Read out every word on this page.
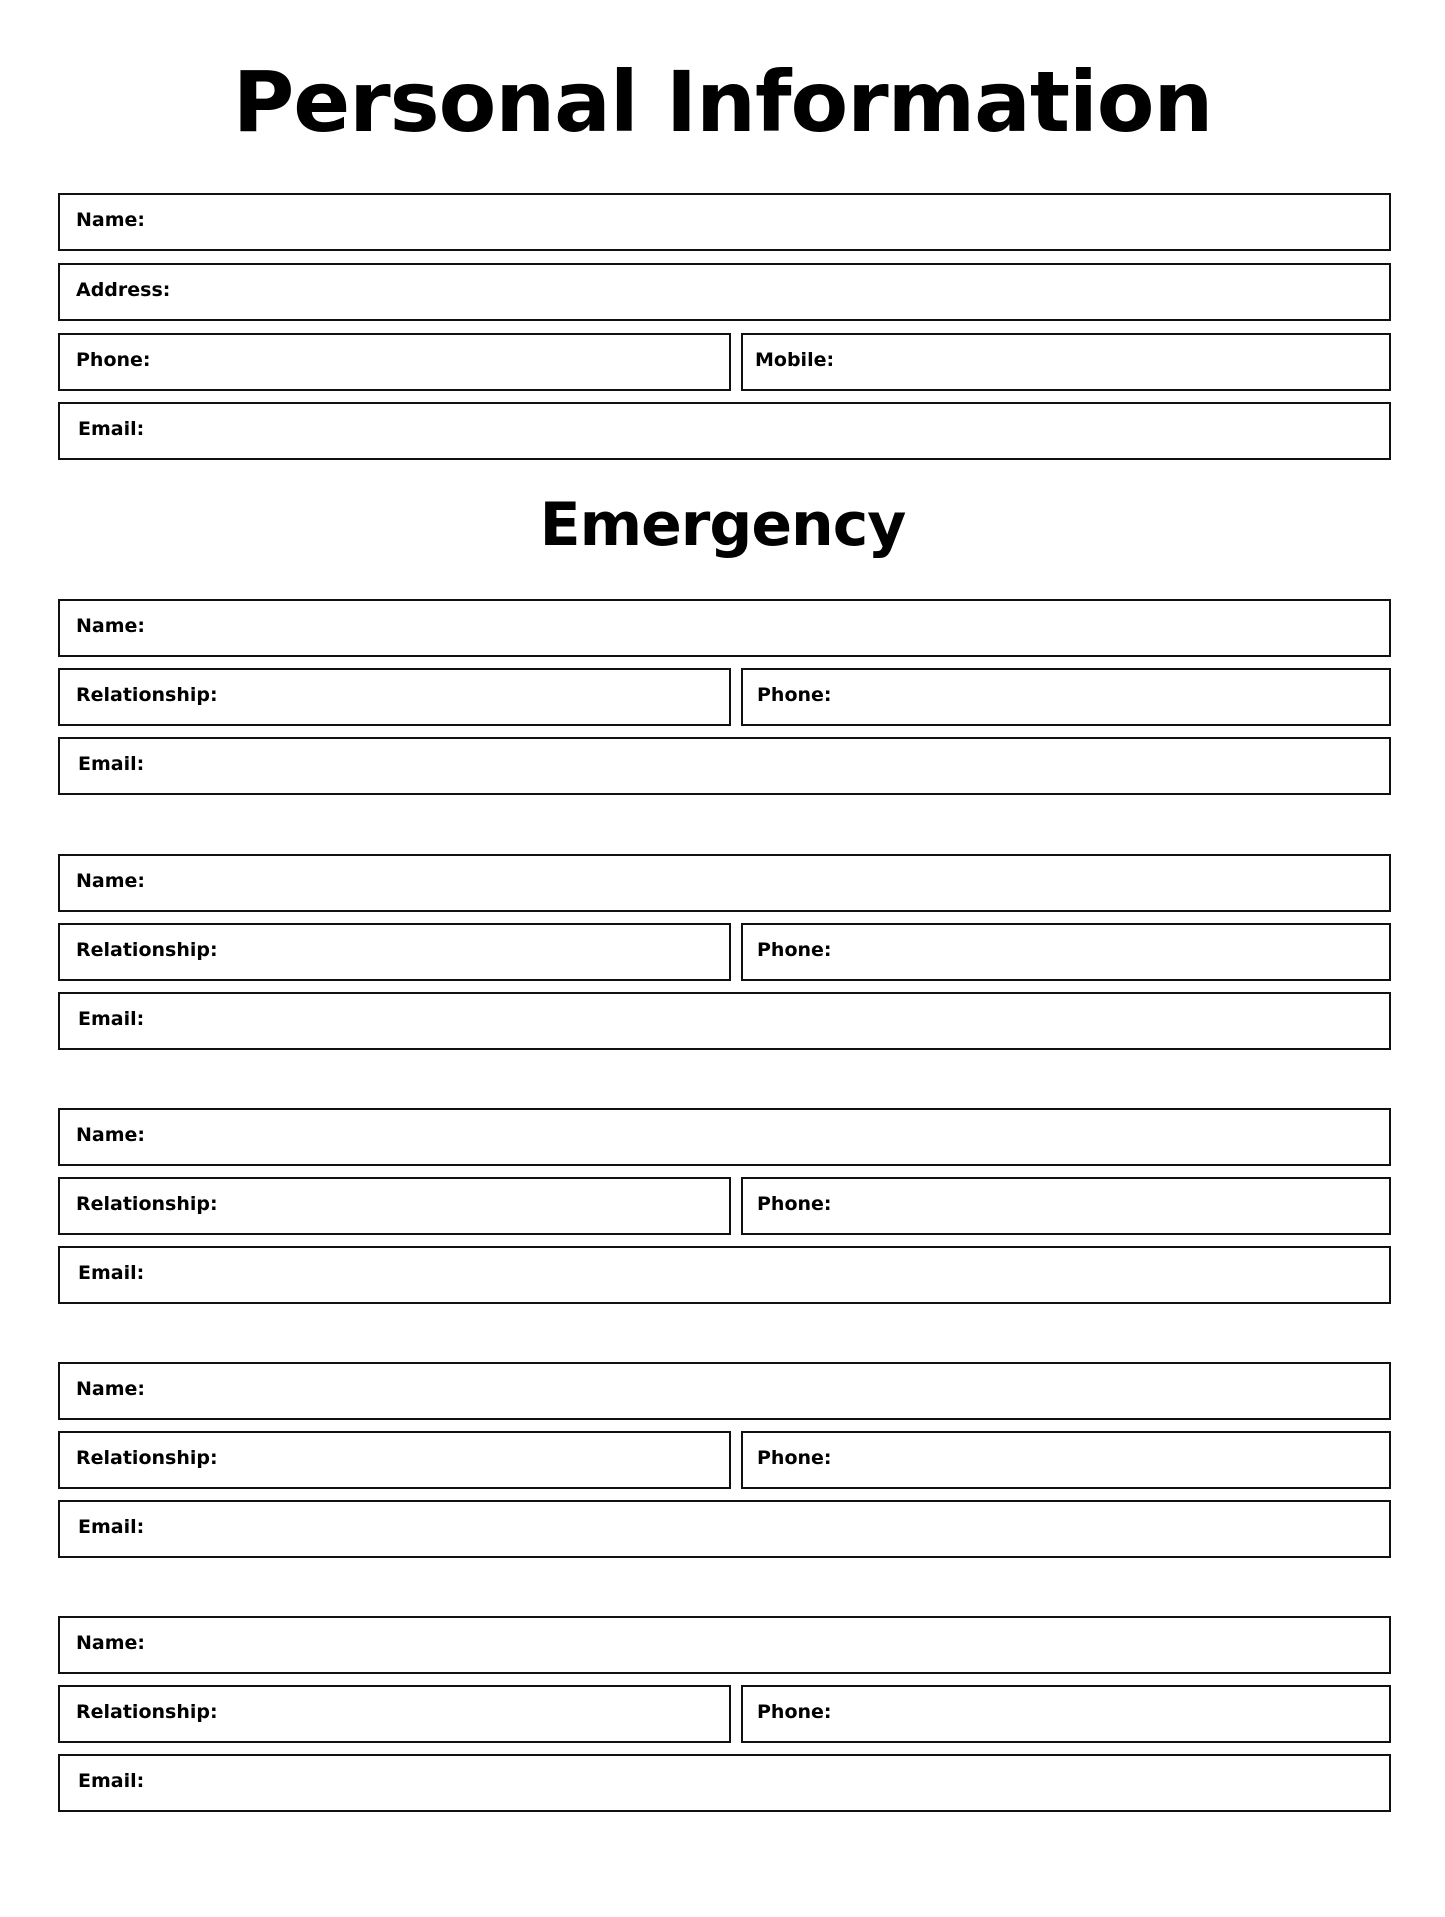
Personal Information
Name:
Address:
Phone:	Mobile:
Email:
Emergency
Name:
Relationship:	Phone:
Email:
Name:
Relationship:	Phone:
Email:
Name:
Relationship:	Phone:
Email:
Name:
Relationship:	Phone:
Email:
Name:
Relationship:	Phone:
Email:
